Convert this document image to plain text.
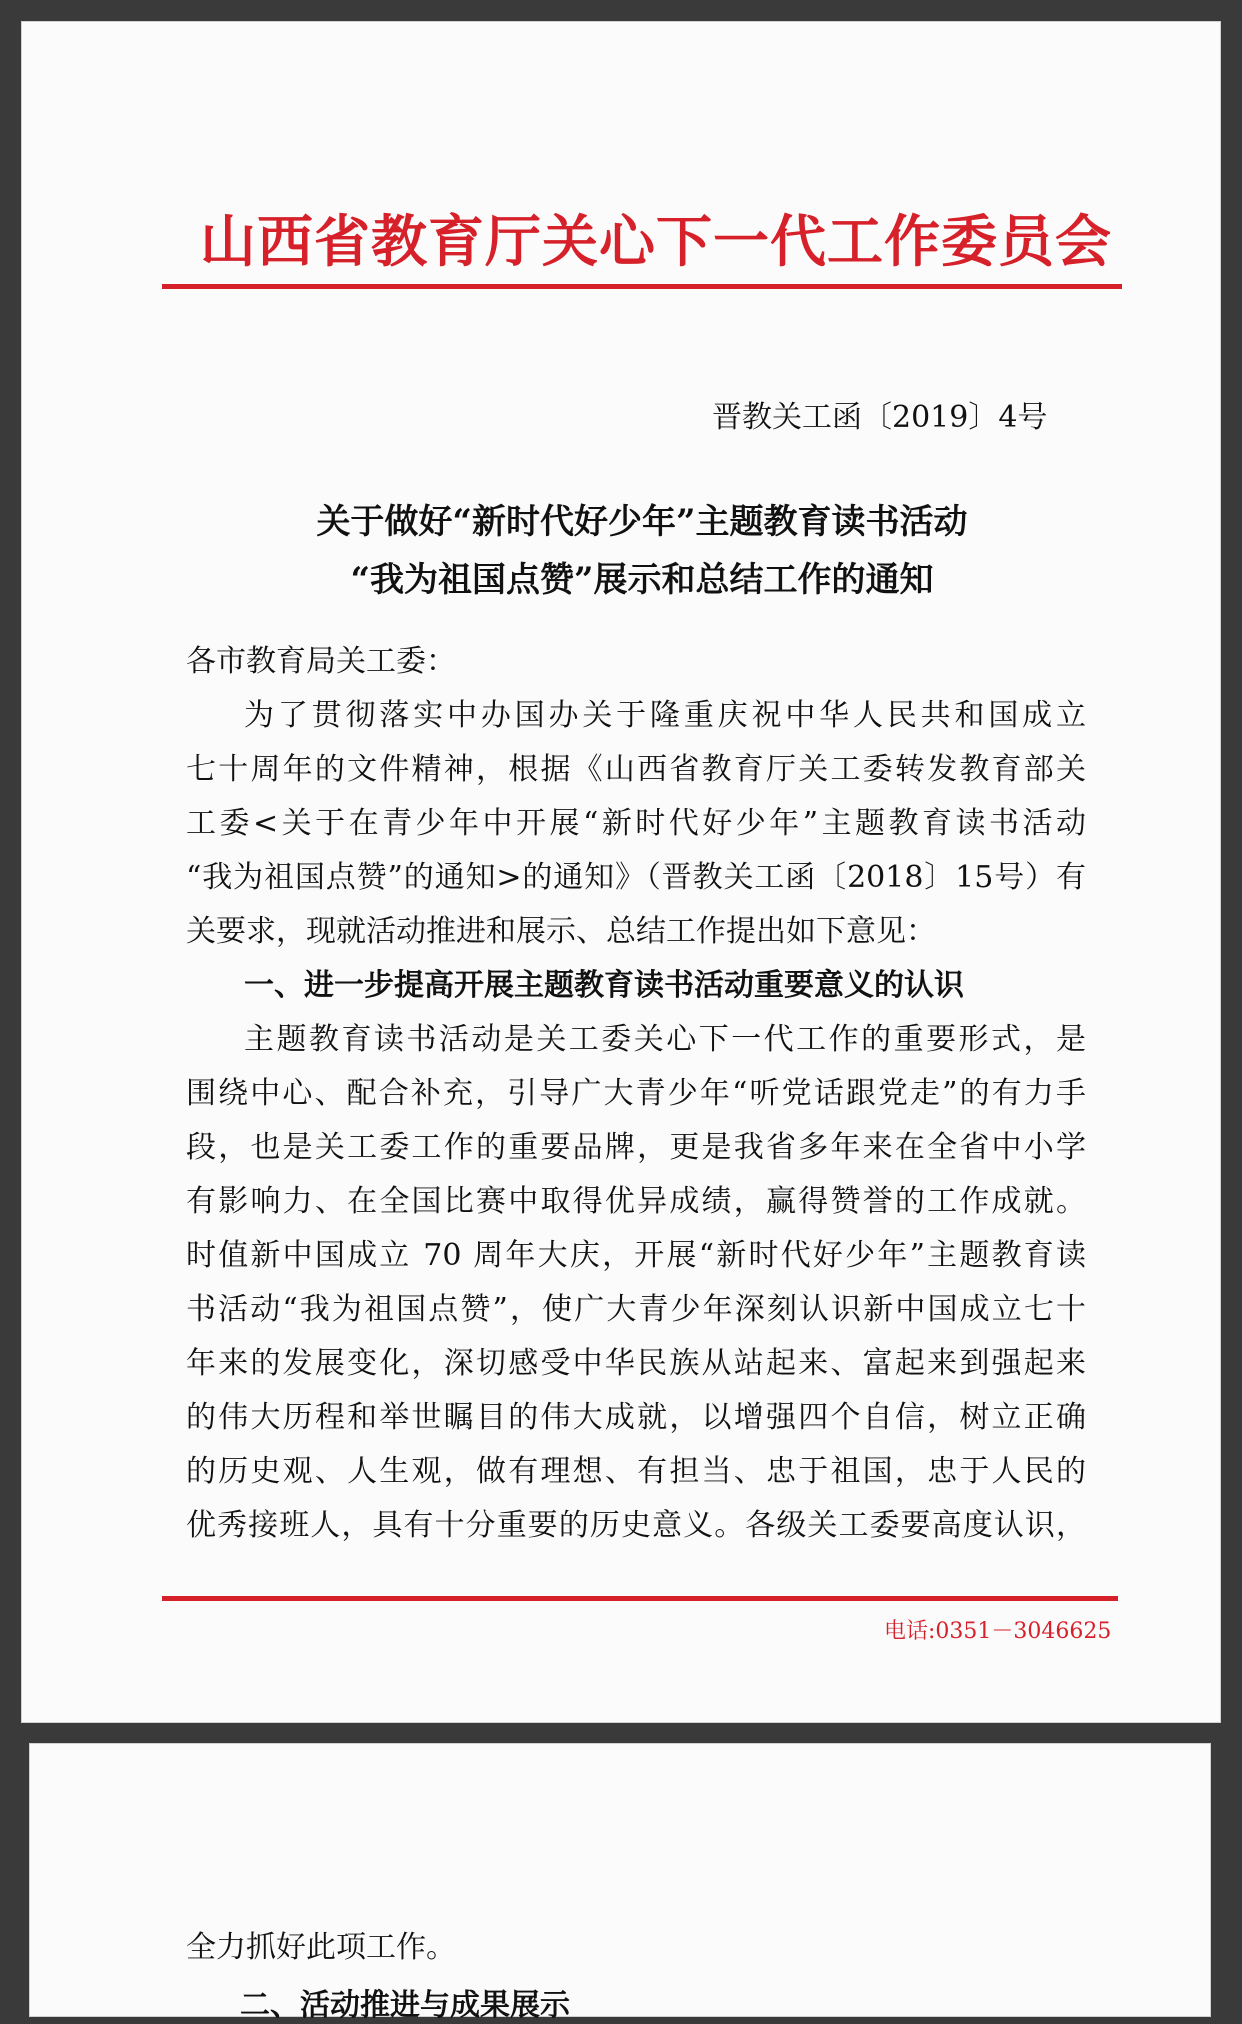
山西省教育厅关心下一代工作委员会
晋教关工函〔2019〕4号
关于做好“新时代好少年”主题教育读书活动
“我为祖国点赞”展示和总结工作的通知
各市教育局关工委：
为了贯彻落实中办国办关于隆重庆祝中华人民共和国成立
七十周年的文件精神，根据《山西省教育厅关工委转发教育部关
工委<关于在青少年中开展“新时代好少年”主题教育读书活动
“我为祖国点赞”的通知>的通知》（晋教关工函〔2018〕15号）有
关要求，现就活动推进和展示、总结工作提出如下意见：
一、进一步提高开展主题教育读书活动重要意义的认识
主题教育读书活动是关工委关心下一代工作的重要形式，是
围绕中心、配合补充，引导广大青少年“听党话跟党走”的有力手
段，也是关工委工作的重要品牌，更是我省多年来在全省中小学
有影响力、在全国比赛中取得优异成绩，赢得赞誉的工作成就。
时值新中国成立 70 周年大庆，开展“新时代好少年”主题教育读
书活动“我为祖国点赞”，使广大青少年深刻认识新中国成立七十
年来的发展变化，深切感受中华民族从站起来、富起来到强起来
的伟大历程和举世瞩目的伟大成就，以增强四个自信，树立正确
的历史观、人生观，做有理想、有担当、忠于祖国，忠于人民的
优秀接班人，具有十分重要的历史意义。各级关工委要高度认识，
电话:0351－3046625
全力抓好此项工作。
二、活动推进与成果展示
